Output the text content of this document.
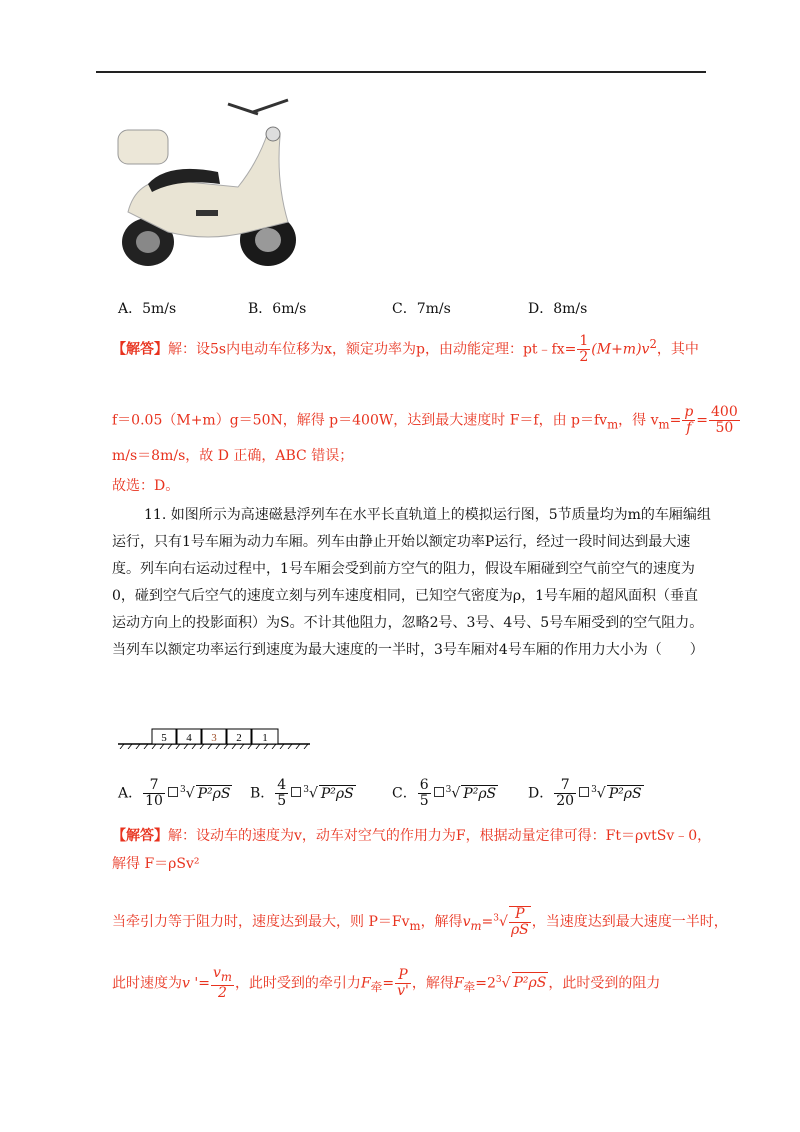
A．5m/s	B．6m/s	C．7m/s	D．8m/s
【解答】解：设5s内电动车位移为x，额定功率为p，由动能定理：pt﹣fx= $\frac{1}{2} (M+m)v^2$，其中
f＝0.05（M+m）g＝50N，解得 p＝400W，达到最大速度时 F＝f，由 $p=fv_m$，得 $v_m= \frac{p}{f} = \frac{400}{50}$
m/s＝8m/s，故 D 正确，ABC 错误；
故选：D。
11. 如图所示为高速磁悬浮列车在水平长直轨道上的模拟运行图，5节质量均为m的车厢编组运行，只有1号车厢为动力车厢。列车由静止开始以额定功率P运行，经过一段时间达到最大速度。列车向右运动过程中，1号车厢会受到前方空气的阻力，假设车厢碰到空气前空气的速度为0，碰到空气后空气的速度立刻与列车速度相同，已知空气密度为ρ，1号车厢的超风面积（垂直运动方向上的投影面积）为S。不计其他阻力，忽略2号、3号、4号、5号车厢受到的空气阻力。当列车以额定功率运行到速度为最大速度的一半时，3号车厢对4号车厢的作用力大小为（　　）
5 4 3 2 1
A． $\frac{7}{10} ^3√$ P²ρS B． $\frac{4}{5} ^3√$ P²ρS	C． $\frac{6}{5} ^3√$ P²ρS D． $\frac{7}{20} ^3√$ P²ρS
【解答】解：设动车的速度为v，动车对空气的作用力为F，根据动量定律可得：Ft＝ρvtSv﹣0，解得 F＝ρSv²
当牵引力等于阻力时，速度达到最大，则 $P=Fv_m$，解得$v_m=^3√ \frac{P}{\rho S}$ ，当速度达到最大速度一半时，
此时速度为v '= $\frac{v_m}{2}$ ，此时受到的牵引力$F_牵= \frac{P}{v'}$ ，解得$F_牵=2^3√$ P²ρS ，此时受到的阻力
